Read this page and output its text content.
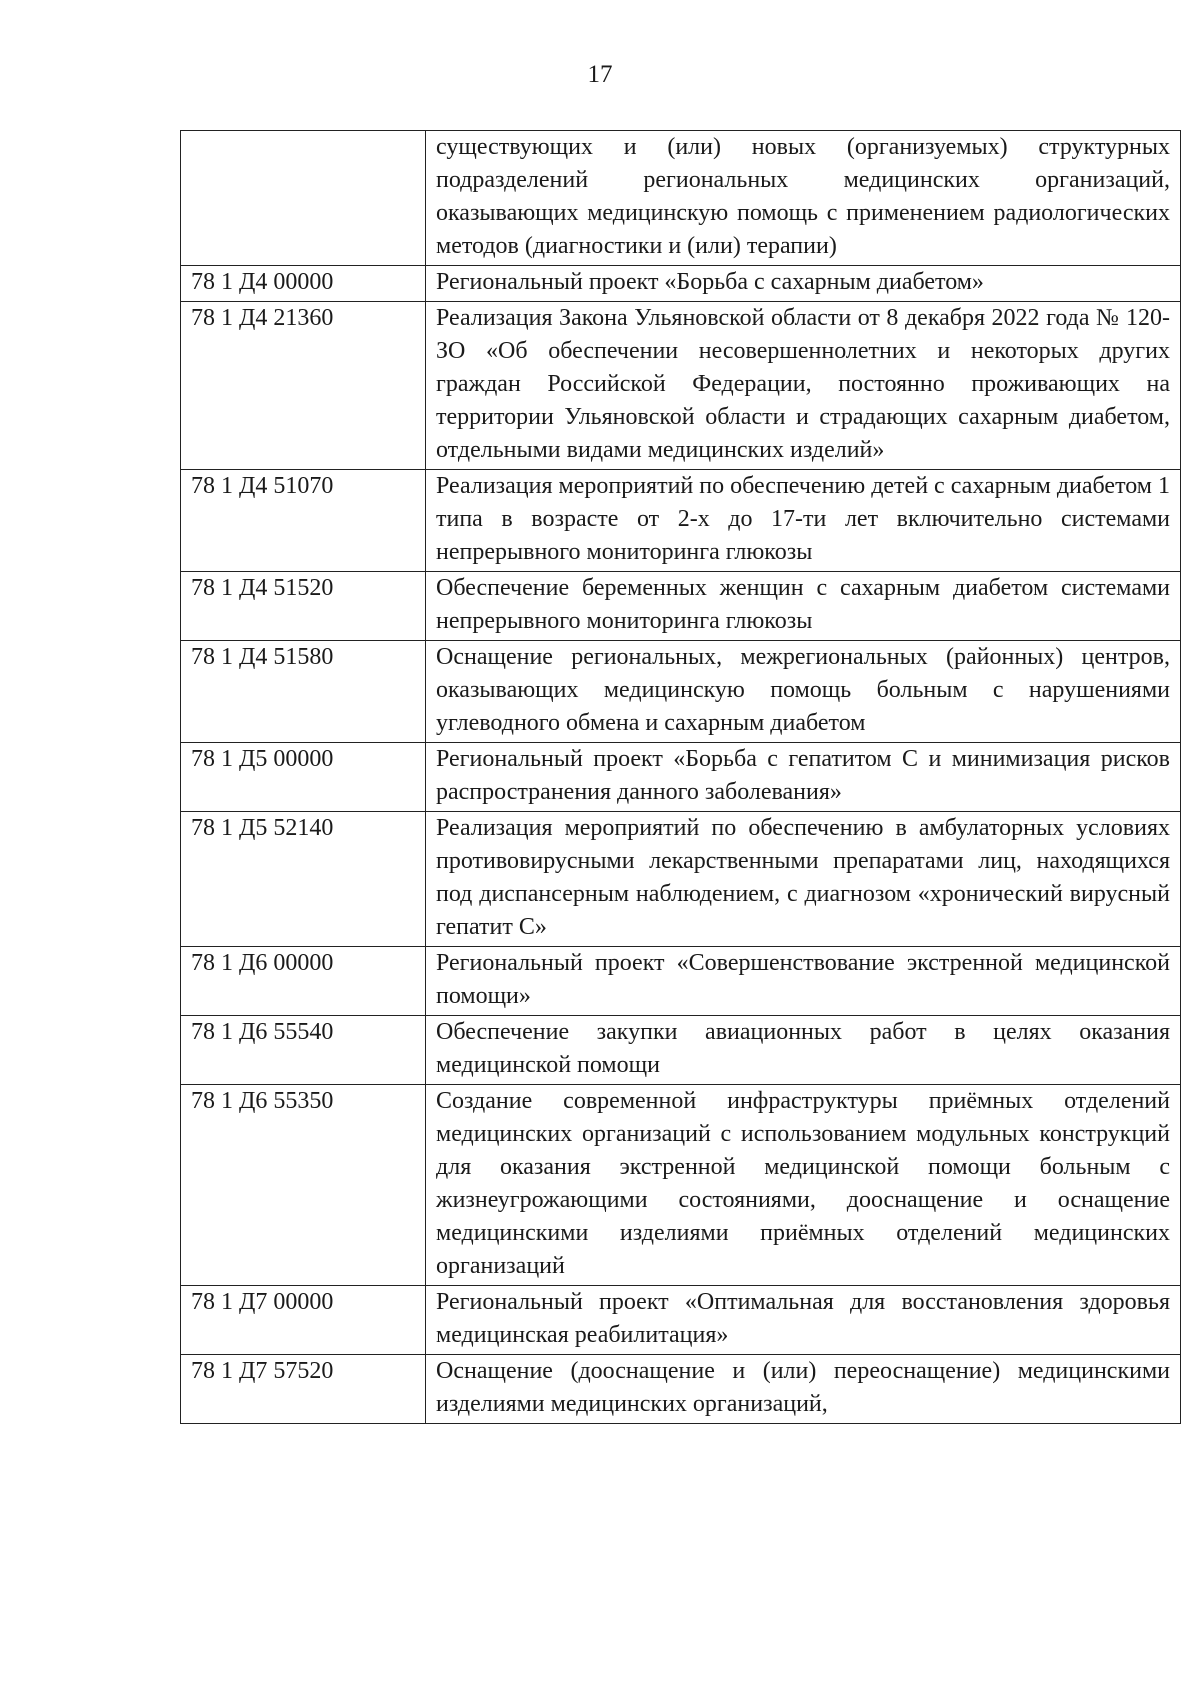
17
	существующих и (или) новых (организуемых) структурных подразделений региональных медицинских организаций, оказывающих медицинскую помощь с применением радиологических методов (диагностики и (или) терапии)
78 1 Д4 00000	Региональный проект «Борьба с сахарным диабетом»
78 1 Д4 21360	Реализация Закона Ульяновской области от 8 декабря 2022 года № 120-ЗО «Об обеспечении несовершеннолетних и некоторых других граждан Российской Федерации, постоянно проживающих на территории Ульяновской области и страдающих сахарным диабетом, отдельными видами медицинских изделий»
78 1 Д4 51070	Реализация мероприятий по обеспечению детей с сахарным диабетом 1 типа в возрасте от 2-х до 17-ти лет включительно системами непрерывного мониторинга глюкозы
78 1 Д4 51520	Обеспечение беременных женщин с сахарным диабетом системами непрерывного мониторинга глюкозы
78 1 Д4 51580	Оснащение региональных, межрегиональных (районных) центров, оказывающих медицинскую помощь больным с нарушениями углеводного обмена и сахарным диабетом
78 1 Д5 00000	Региональный проект «Борьба с гепатитом С и минимизация рисков распространения данного заболевания»
78 1 Д5 52140	Реализация мероприятий по обеспечению в амбулаторных условиях противовирусными лекарственными препаратами лиц, находящихся под диспансерным наблюдением, с диагнозом «хронический вирусный гепатит С»
78 1 Д6 00000	Региональный проект «Совершенствование экстренной медицинской помощи»
78 1 Д6 55540	Обеспечение закупки авиационных работ в целях оказания медицинской помощи
78 1 Д6 55350	Создание современной инфраструктуры приёмных отделений медицинских организаций с использованием модульных конструкций для оказания экстренной медицинской помощи больным с жизнеугрожающими состояниями, дооснащение и оснащение медицинскими изделиями приёмных отделений медицинских организаций
78 1 Д7 00000	Региональный проект «Оптимальная для восстановления здоровья медицинская реабилитация»
78 1 Д7 57520	Оснащение (дооснащение и (или) переоснащение) медицинскими изделиями медицинских организаций,
